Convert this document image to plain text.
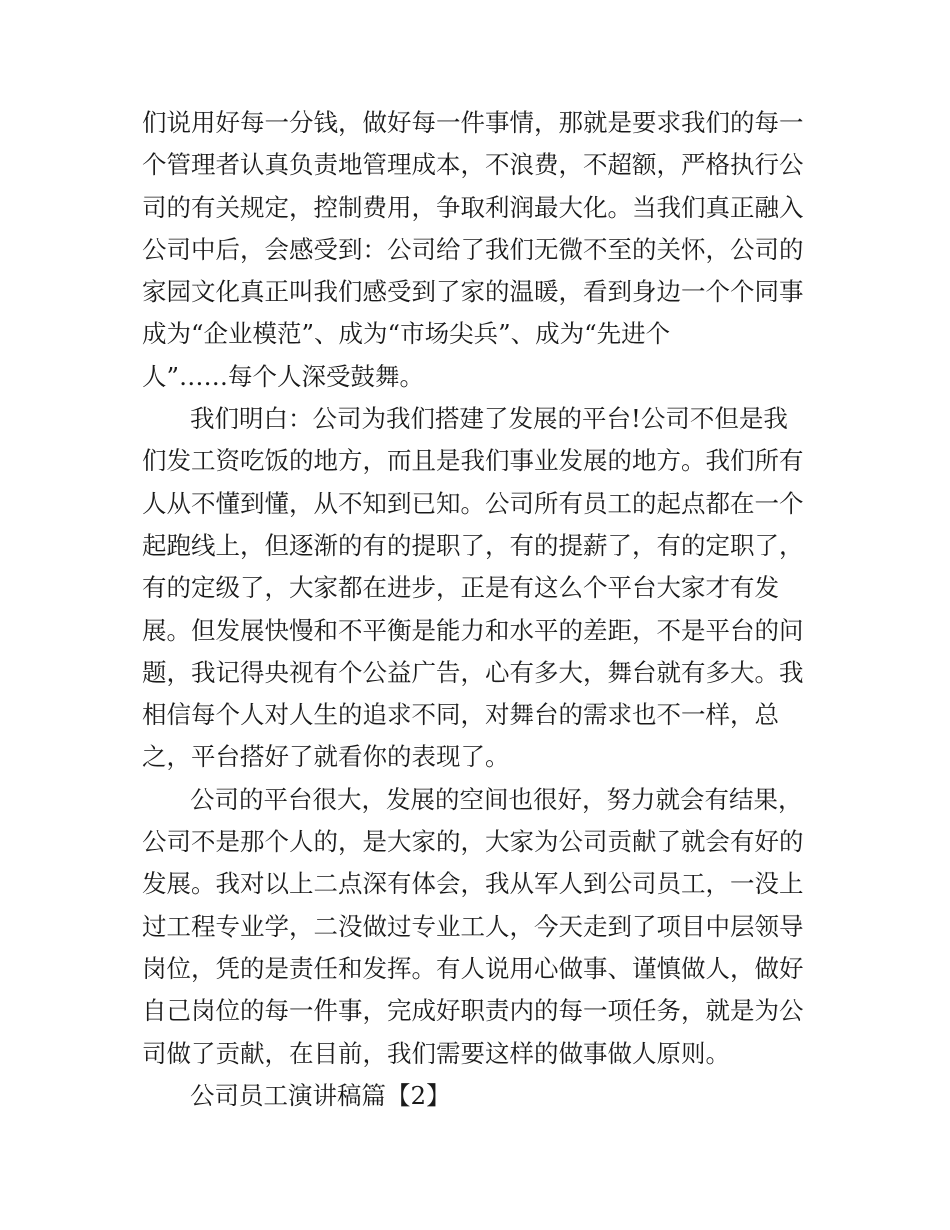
们说用好每一分钱，做好每一件事情，那就是要求我们的每一
个管理者认真负责地管理成本，不浪费，不超额，严格执行公
司的有关规定，控制费用，争取利润最大化。当我们真正融入
公司中后，会感受到：公司给了我们无微不至的关怀，公司的
家园文化真正叫我们感受到了家的温暖，看到身边一个个同事
成为“企业模范”、成为“市场尖兵”、成为“先进个
人”……每个人深受鼓舞。
我们明白：公司为我们搭建了发展的平台!公司不但是我
们发工资吃饭的地方，而且是我们事业发展的地方。我们所有
人从不懂到懂，从不知到已知。公司所有员工的起点都在一个
起跑线上，但逐渐的有的提职了，有的提薪了，有的定职了，
有的定级了，大家都在进步，正是有这么个平台大家才有发
展。但发展快慢和不平衡是能力和水平的差距，不是平台的问
题，我记得央视有个公益广告，心有多大，舞台就有多大。我
相信每个人对人生的追求不同，对舞台的需求也不一样，总
之，平台搭好了就看你的表现了。
公司的平台很大，发展的空间也很好，努力就会有结果，
公司不是那个人的，是大家的，大家为公司贡献了就会有好的
发展。我对以上二点深有体会，我从军人到公司员工，一没上
过工程专业学，二没做过专业工人，今天走到了项目中层领导
岗位，凭的是责任和发挥。有人说用心做事、谨慎做人，做好
自己岗位的每一件事，完成好职责内的每一项任务，就是为公
司做了贡献，在目前，我们需要这样的做事做人原则。
公司员工演讲稿篇【2】
